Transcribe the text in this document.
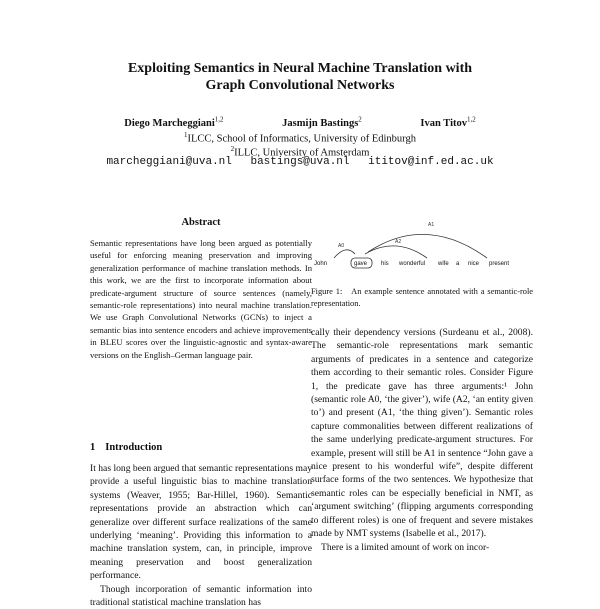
Exploiting Semantics in Neural Machine Translation with
Graph Convolutional Networks
Diego Marcheggiani$^{1,2}$	Jasmijn Bastings$^2$	Ivan Titov$^{1,2}$
$^1$ILCC, School of Informatics, University of Edinburgh
$^2$ILLC, University of Amsterdam
marcheggiani@uva.nl bastings@uva.nl ititov@inf.ed.ac.uk
Abstract
Semantic representations have long been argued as potentially useful for enforcing meaning preservation and improving generalization performance of machine translation methods. In this work, we are the first to incorporate information about predicate-argument structure of source sentences (namely, semantic-role representations) into neural machine translation. We use Graph Convolutional Networks (GCNs) to inject a semantic bias into sentence encoders and achieve improvements in BLEU scores over the linguistic-agnostic and syntax-aware versions on the English–German language pair.
1 Introduction

It has long been argued that semantic representations may provide a useful linguistic bias to machine translation systems (Weaver, 1955; Bar-Hillel, 1960). Semantic representations provide an abstraction which can generalize over different surface realizations of the same underlying ‘meaning’. Providing this information to a machine translation system, can, in principle, improve meaning preservation and boost generalization performance.

Though incorporation of semantic information into traditional statistical machine translation has

A0
A2
A1
John	gave his wonderful wife a nice present
Figure 1: An example sentence annotated with a semantic-role representation.

cally their dependency versions (Surdeanu et al., 2008). The semantic-role representations mark semantic arguments of predicates in a sentence and categorize them according to their semantic roles. Consider Figure 1, the predicate gave has three arguments:¹ John (semantic role A0, ‘the giver’), wife (A2, ‘an entity given to’) and present (A1, ‘the thing given’). Semantic roles capture commonalities between different realizations of the same underlying predicate-argument structures. For example, present will still be A1 in sentence “John gave a nice present to his wonderful wife”, despite different surface forms of the two sentences. We hypothesize that semantic roles can be especially beneficial in NMT, as ‘argument switching’ (flipping arguments corresponding to different roles) is one of frequent and severe mistakes made by NMT systems (Isabelle et al., 2017).

There is a limited amount of work on incor-
